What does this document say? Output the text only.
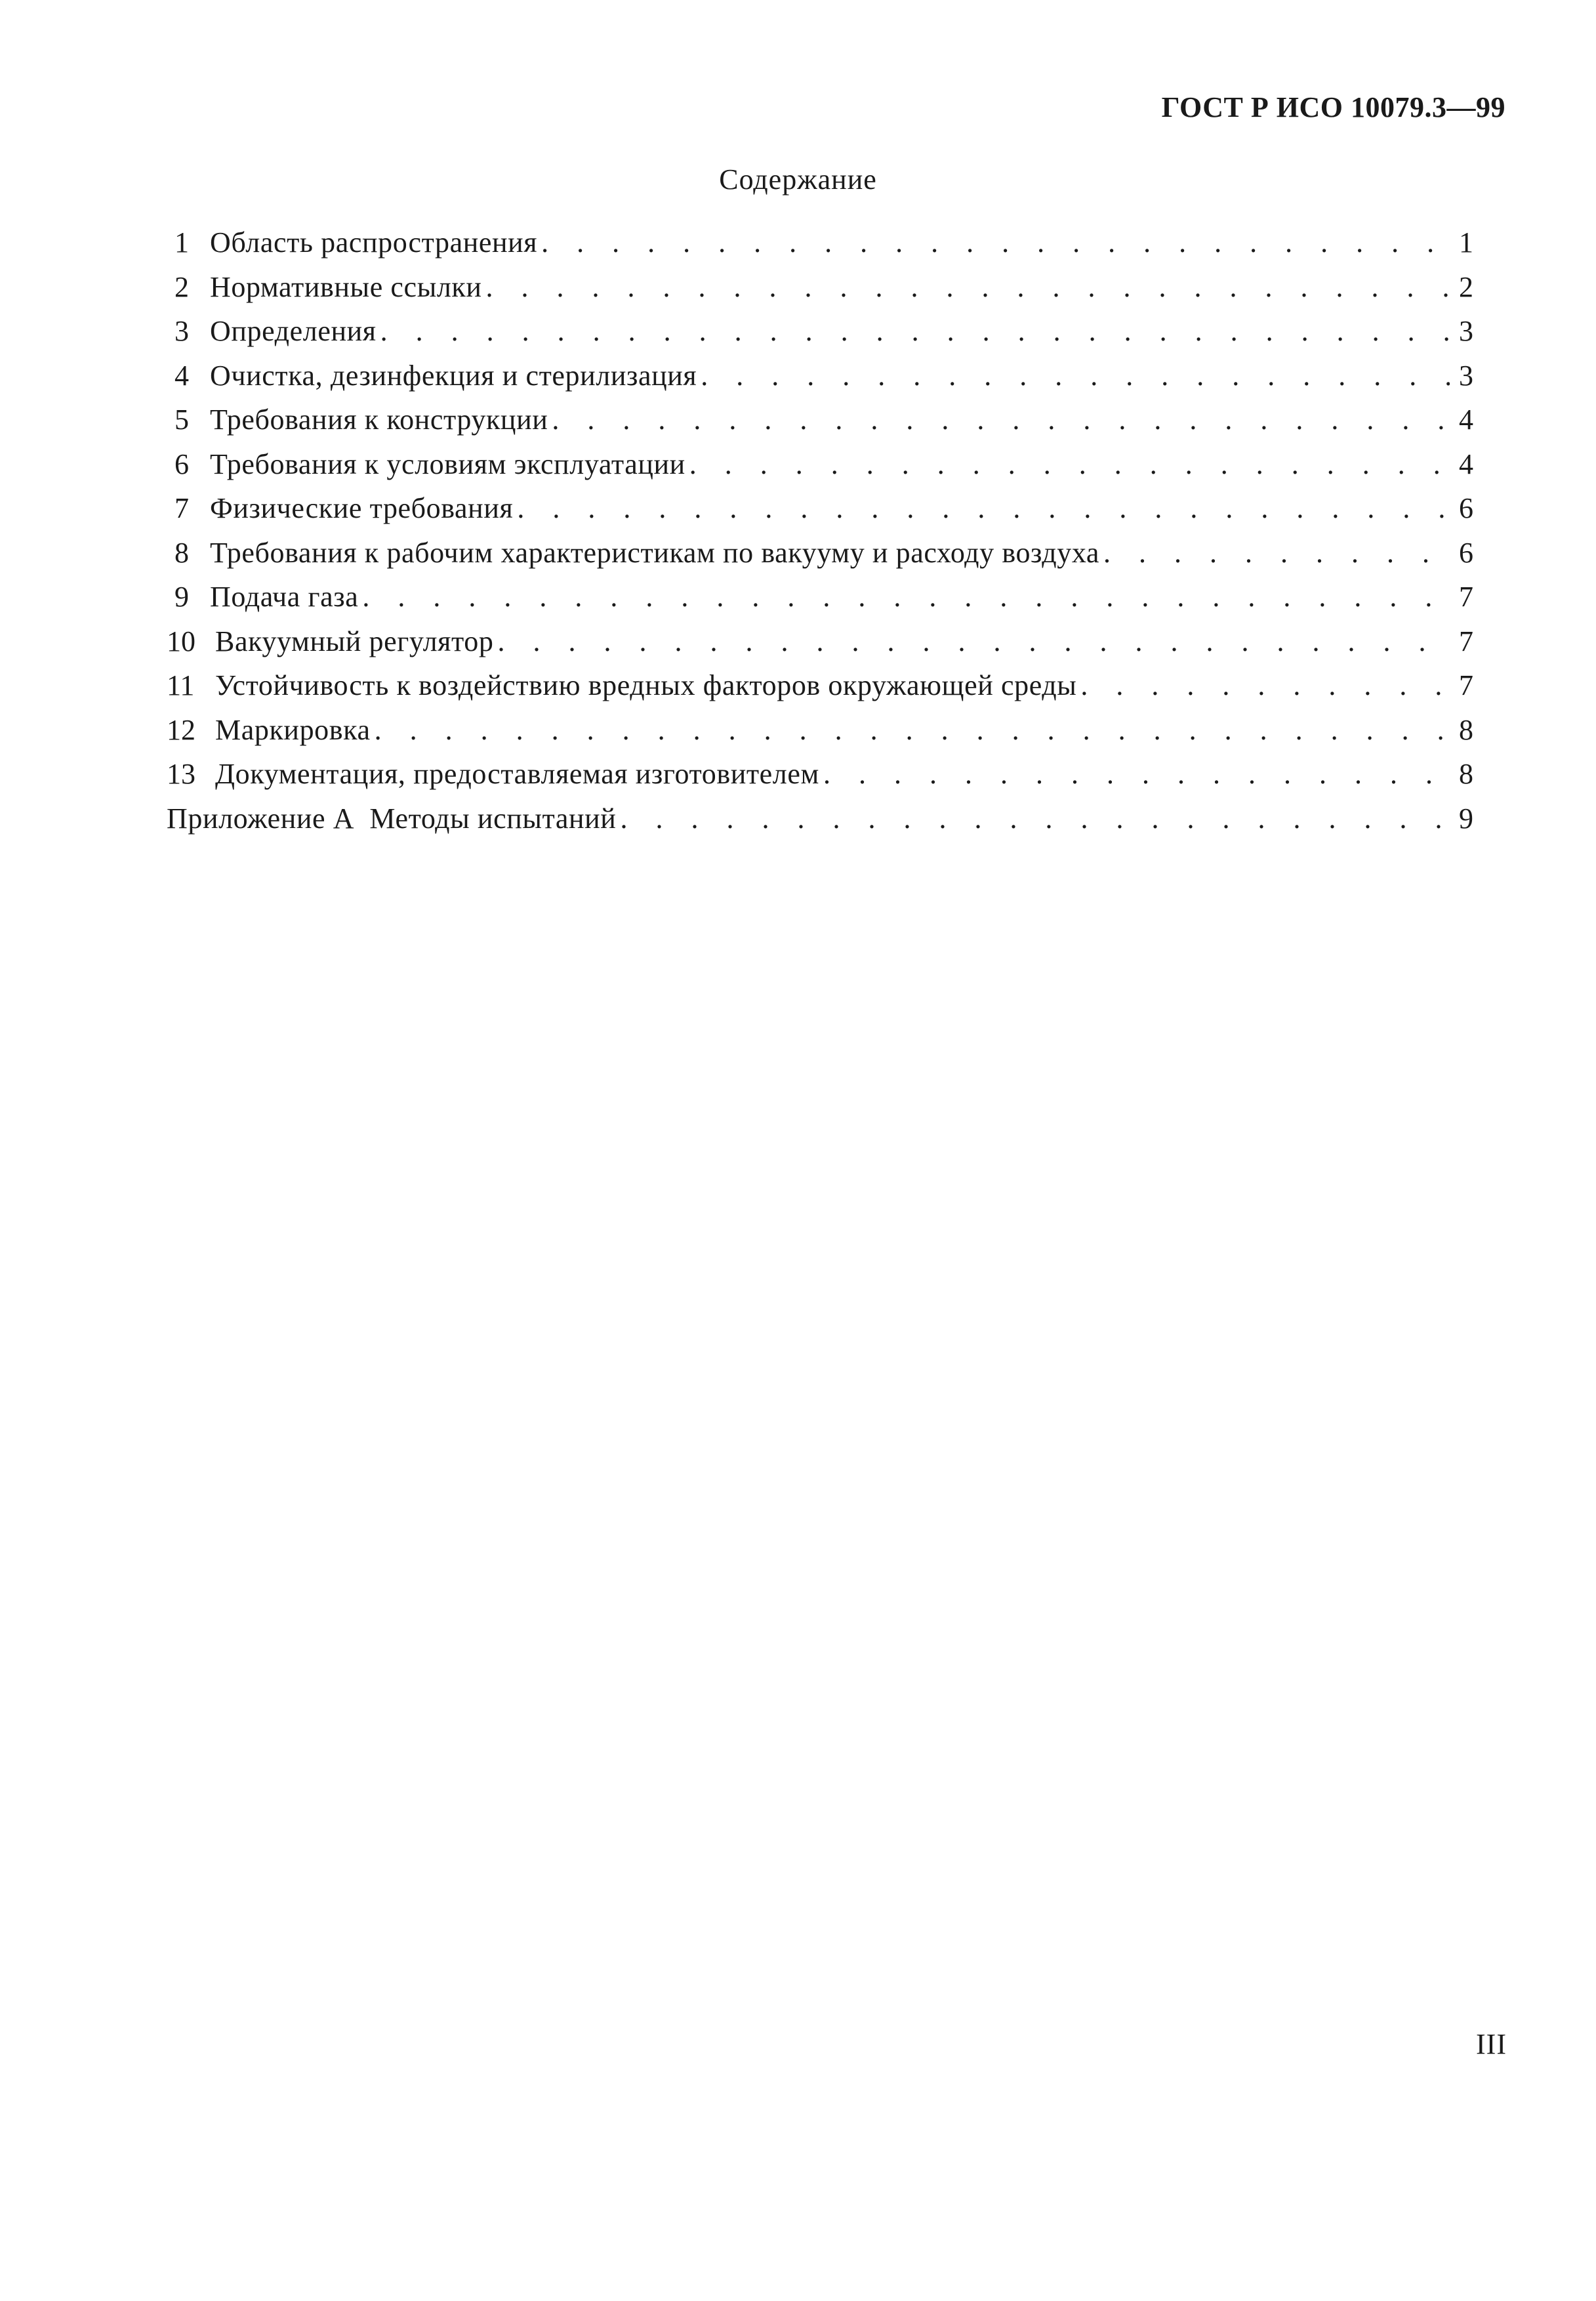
ГОСТ Р ИСО 10079.3—99
Содержание
1 Область распространения . . .	1
2 Нормативные ссылки . . .	2
3 Определения . . .	3
4 Очистка, дезинфекция и стерилизация . . .	3
5 Требования к конструкции . . .	4
6 Требования к условиям эксплуатации . . .	4
7 Физические требования . . .	6
8 Требования к рабочим характеристикам по вакууму и расходу воздуха . . .	6
9 Подача газа . . .	7
10 Вакуумный регулятор . . .	7
11 Устойчивость к воздействию вредных факторов окружающей среды . . .	7
12 Маркировка . . .	8
13 Документация, предоставляемая изготовителем . . .	8
Приложение А  Методы испытаний . . .	9
III
